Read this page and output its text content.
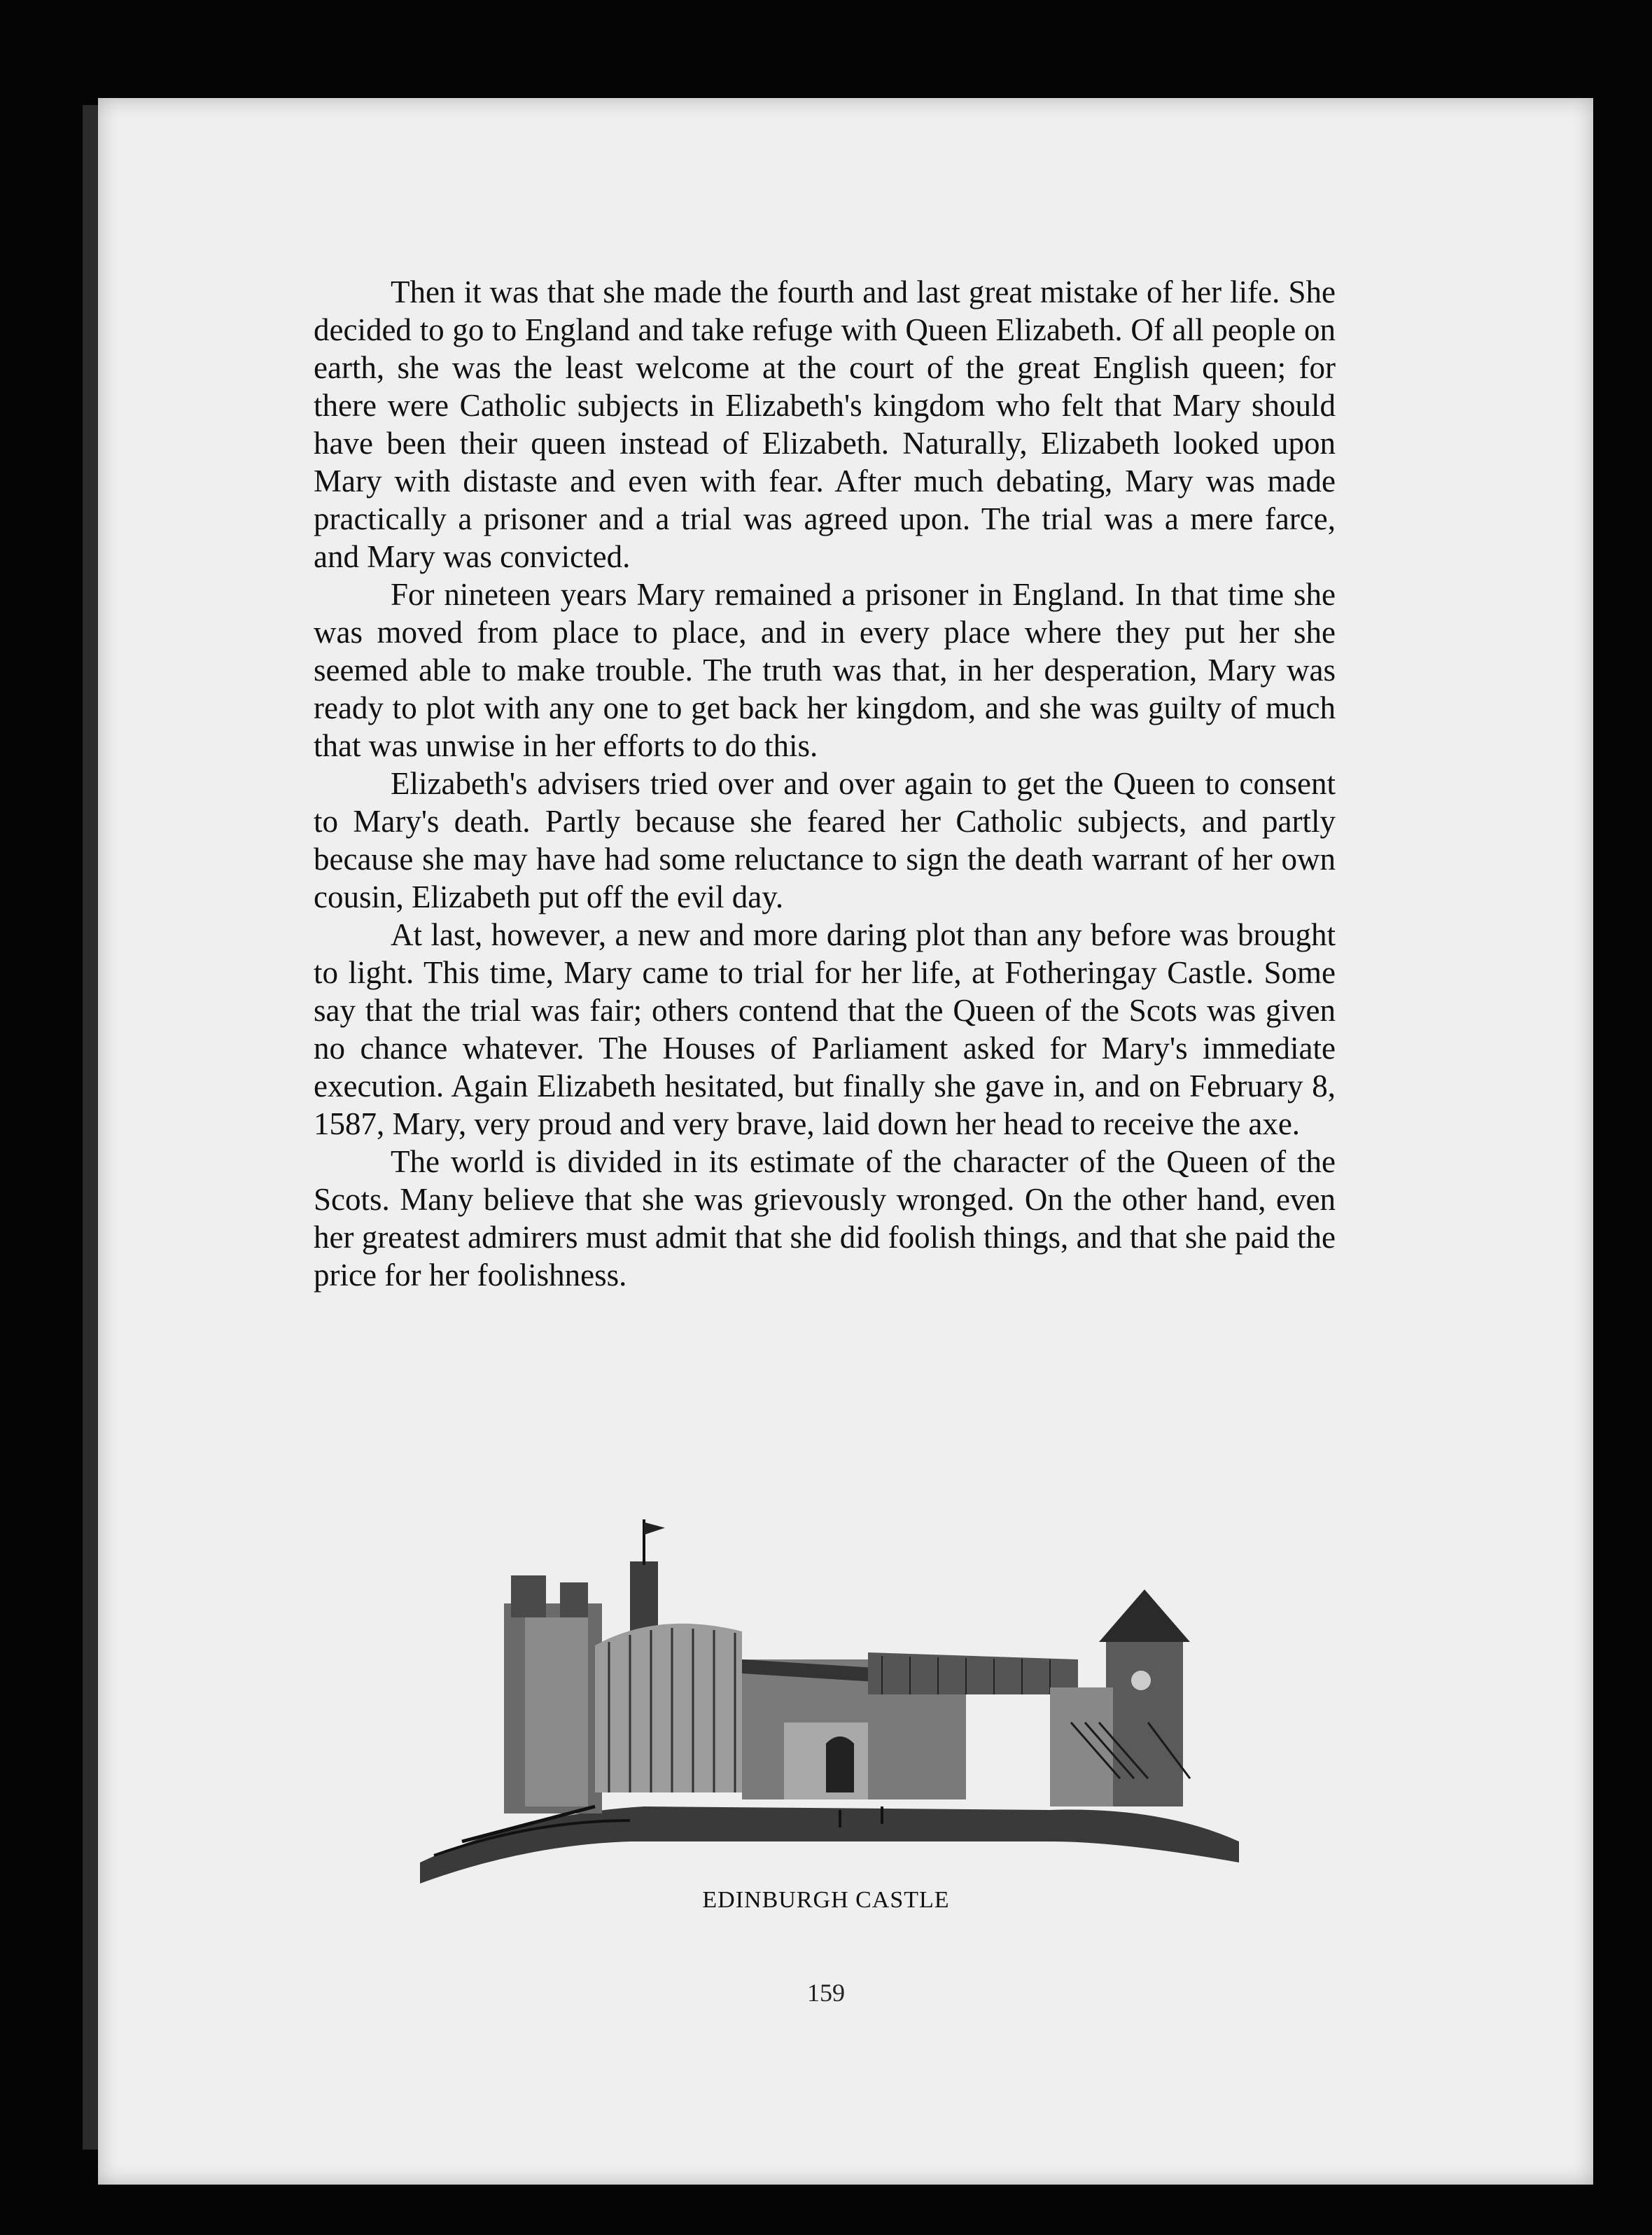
Then it was that she made the fourth and last great mistake of her life. She decided to go to England and take refuge with Queen Elizabeth. Of all people on earth, she was the least welcome at the court of the great English queen; for there were Catholic subjects in Elizabeth's kingdom who felt that Mary should have been their queen instead of Elizabeth. Naturally, Elizabeth looked upon Mary with distaste and even with fear. After much debating, Mary was made practically a prisoner and a trial was agreed upon. The trial was a mere farce, and Mary was convicted.

For nineteen years Mary remained a prisoner in England. In that time she was moved from place to place, and in every place where they put her she seemed able to make trouble. The truth was that, in her desperation, Mary was ready to plot with any one to get back her kingdom, and she was guilty of much that was unwise in her efforts to do this.

Elizabeth's advisers tried over and over again to get the Queen to consent to Mary's death. Partly because she feared her Catholic subjects, and partly because she may have had some reluctance to sign the death warrant of her own cousin, Elizabeth put off the evil day.

At last, however, a new and more daring plot than any before was brought to light. This time, Mary came to trial for her life, at Fotheringay Castle. Some say that the trial was fair; others contend that the Queen of the Scots was given no chance whatever. The Houses of Parliament asked for Mary's immediate execution. Again Elizabeth hesitated, but finally she gave in, and on February 8, 1587, Mary, very proud and very brave, laid down her head to receive the axe.

The world is divided in its estimate of the character of the Queen of the Scots. Many believe that she was grievously wronged. On the other hand, even her greatest admirers must admit that she did foolish things, and that she paid the price for her foolishness.

EDINBURGH CASTLE
159
